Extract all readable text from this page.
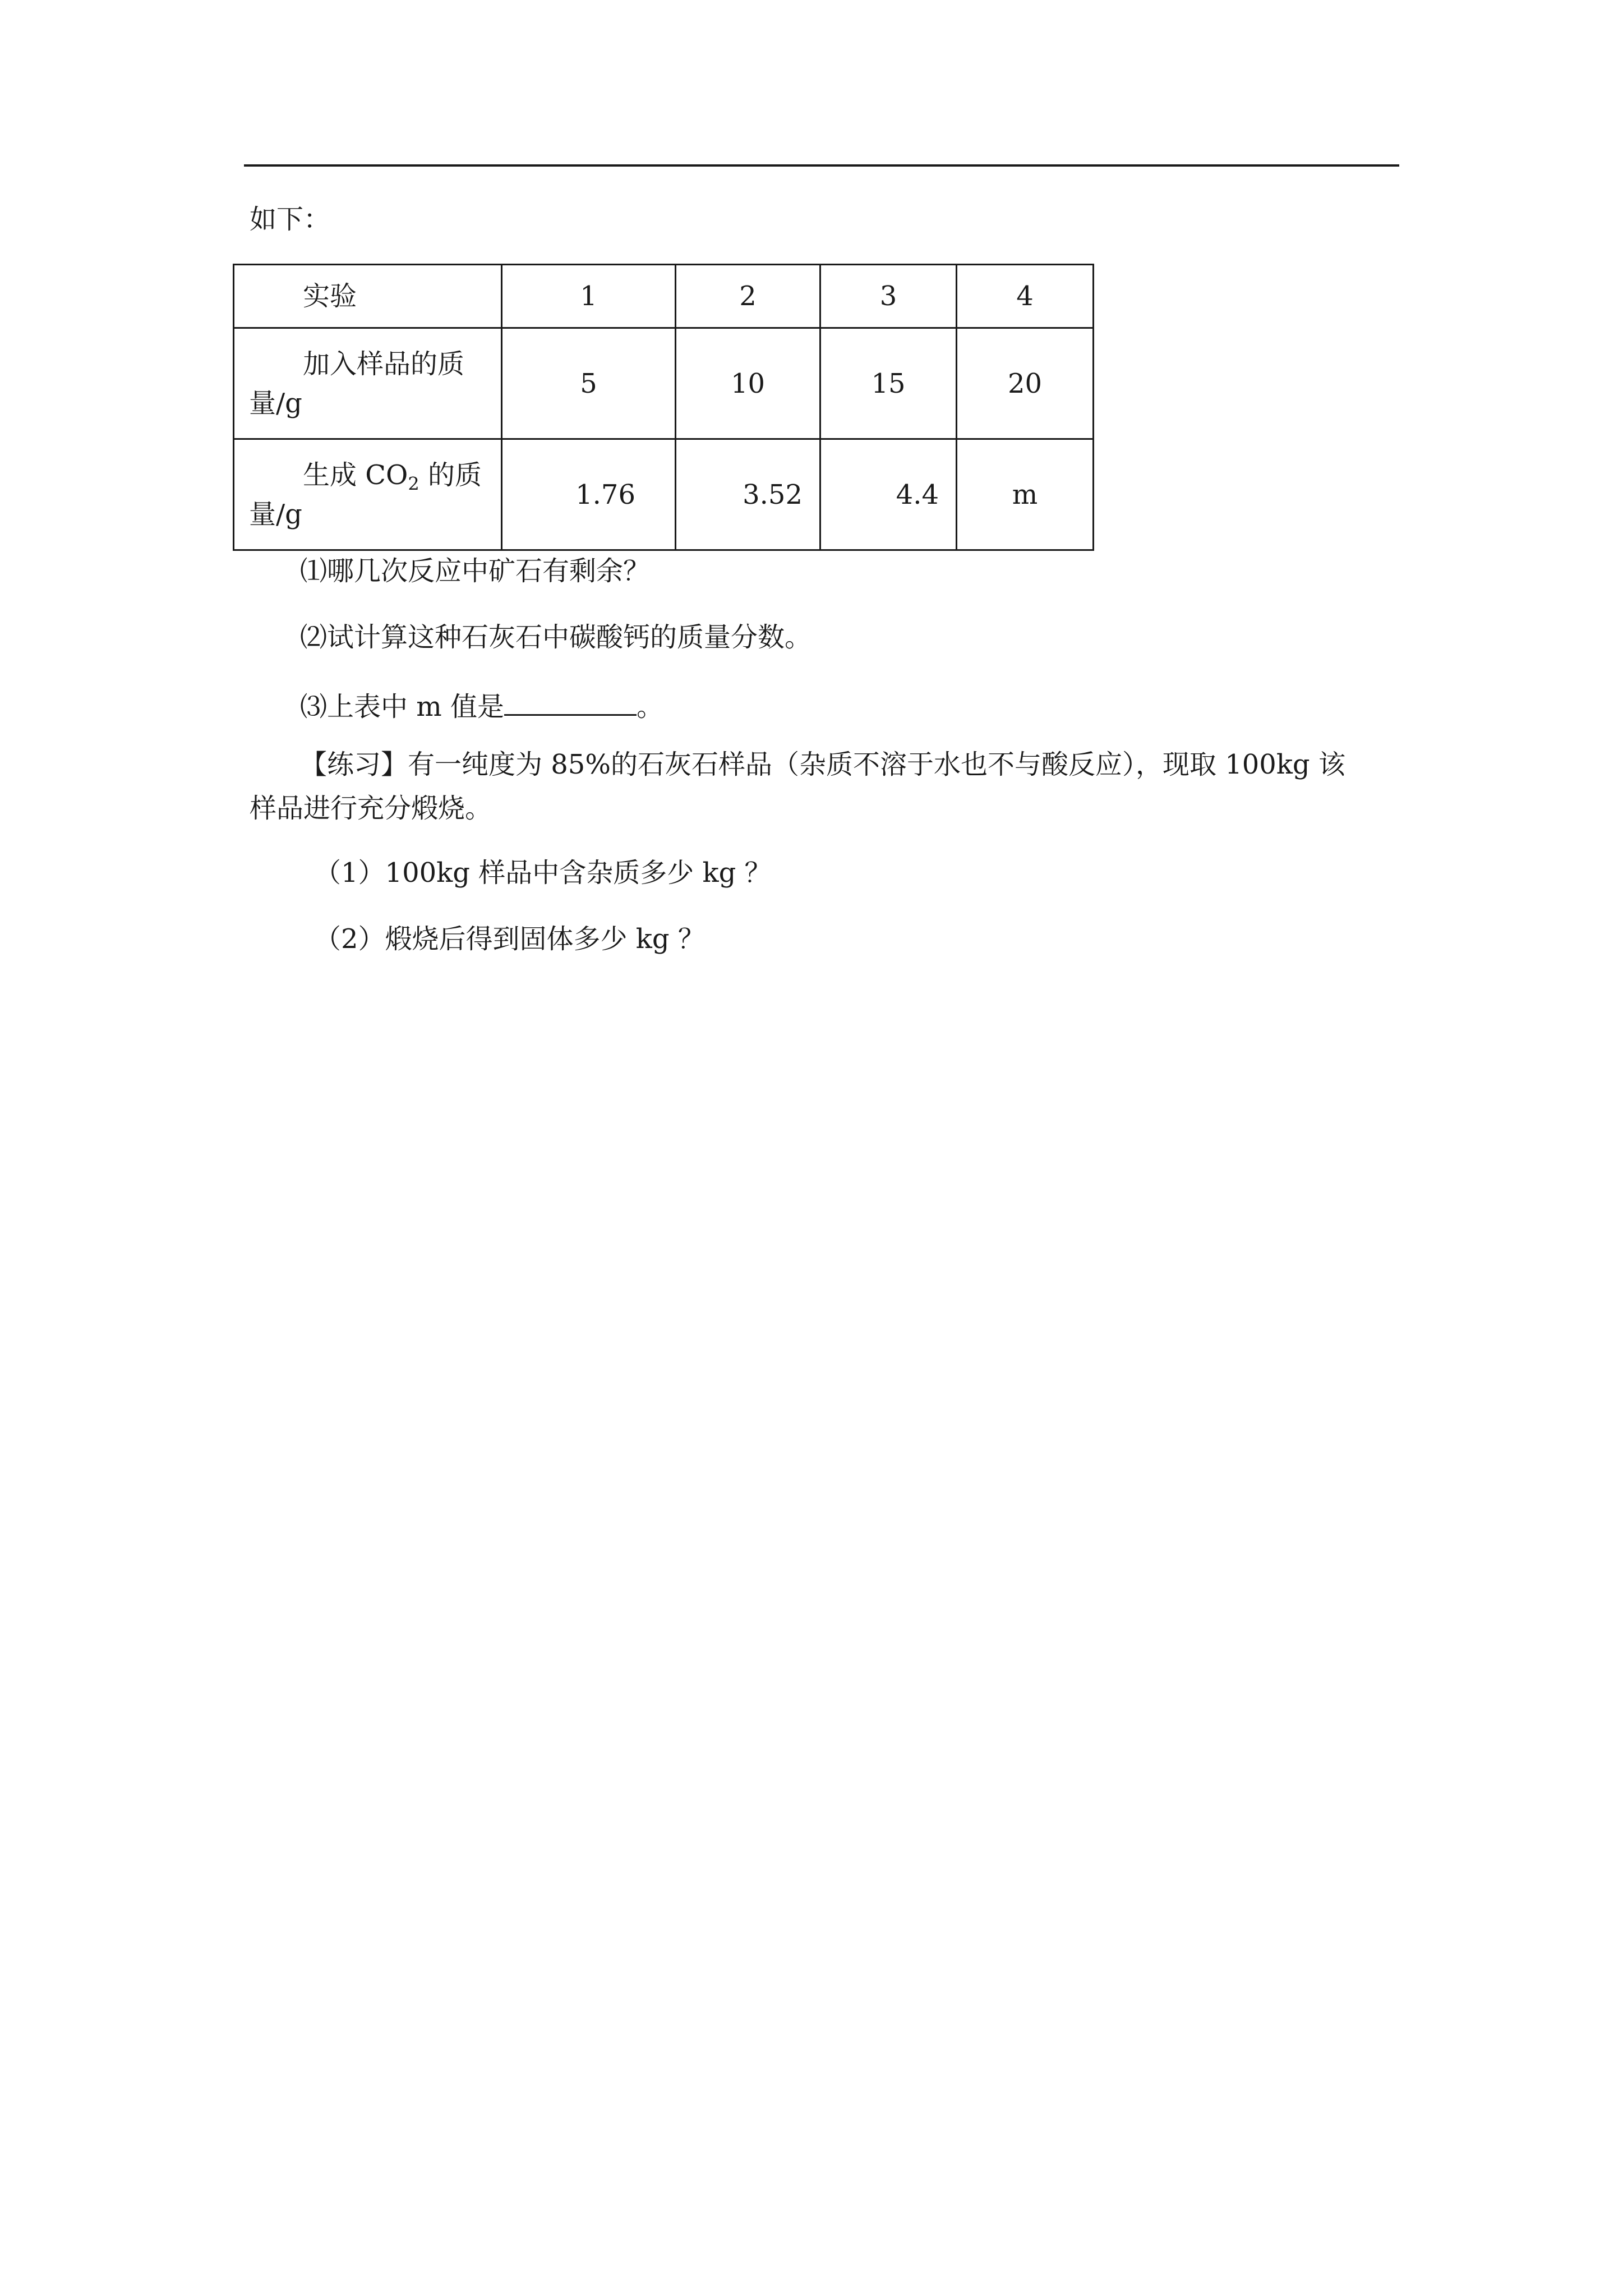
如下：
实验	1	2	3	4

加入样品的质
量/g	5	10	15	20

生成 $CO_2$ 的质
量/g	1.76	3.52	4.4	m
⑴哪几次反应中矿石有剩余？
⑵试计算这种石灰石中碳酸钙的质量分数。
⑶上表中 m 值是	。
【练习】有一纯度为 85%的石灰石样品（杂质不溶于水也不与酸反应），现取 100kg 该
样品进行充分煅烧。
（1）100kg 样品中含杂质多少 kg ？
（2）煅烧后得到固体多少 kg ？
